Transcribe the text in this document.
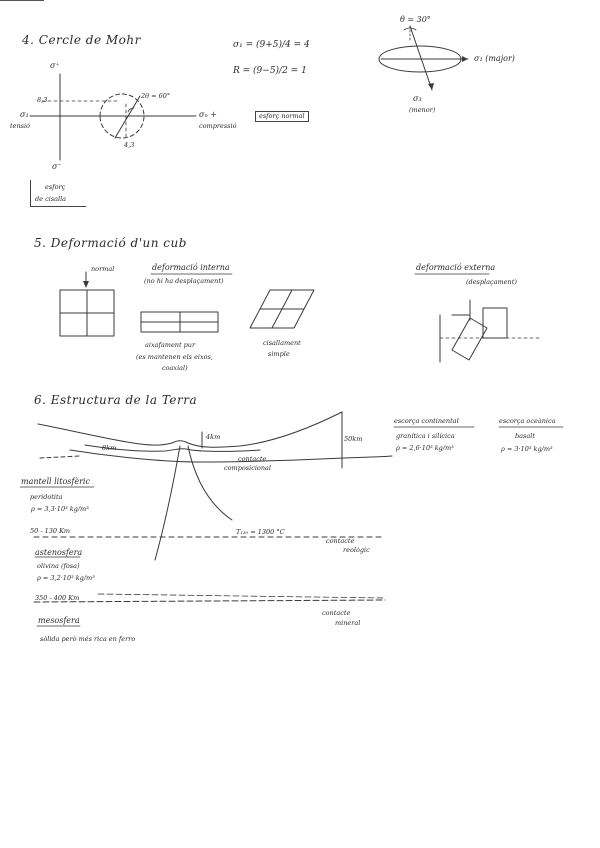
4. Cercle de Mohr	σ₁ = (9+5)/4 = 4
R = (9−5)/2 = 1
θ = 30°
σ₁ (major)
σ₃
(menor)
σ⁺
σ⁻
σ₁
tensió
σₙ +
compressió
8,3	2θ = 60°
4,3
esforç normal
esforç
de cisalla
5. Deformació d'un cub
normal	deformació interna
(no hi ha desplaçament)
aixafament pur
(es mantenen els eixos,
coaxial)
cisallament
simple
deformació externa
(desplaçament)
6. Estructura de la Terra
4km	50km
8km
contacte
composicional
mantell litosfèric
peridotita
ρ = 3,3·10³ kg/m³
50 - 130 Km	T₁₃₀ = 1300 °C
contacte
reològic
astenosfera
olivina (fosa)
ρ = 3,2·10³ kg/m³
350 - 400 Km
contacte
mineral
mesosfera
sòlida però més rica en ferro
escorça continental
granítica i silícica
ρ = 2,6·10³ kg/m³
escorça oceànica
basalt
ρ = 3·10³ kg/m³
